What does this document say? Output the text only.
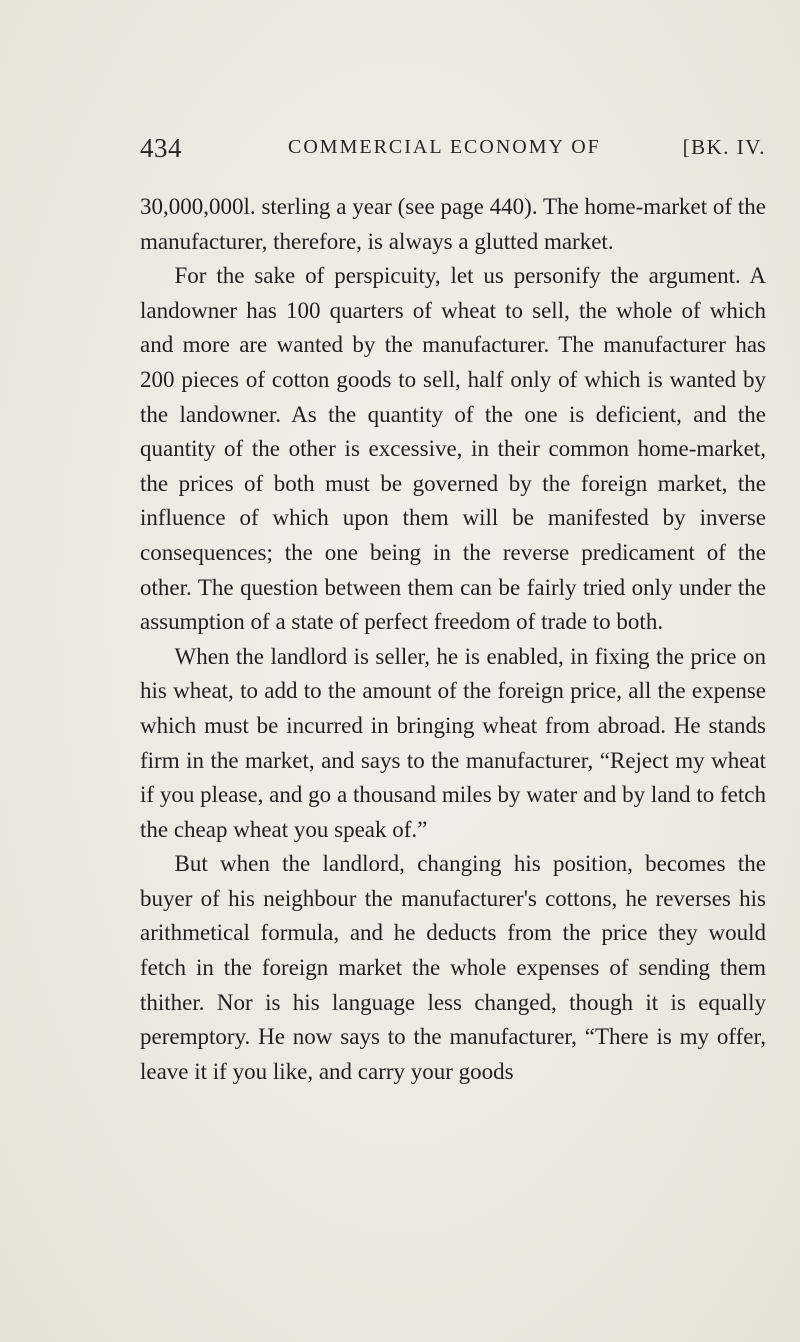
434	COMMERCIAL ECONOMY OF	[BK. IV.

30,000,000l. sterling a year (see page 440). The home-market of the manufacturer, therefore, is always a glutted market.

For the sake of perspicuity, let us personify the argument. A landowner has 100 quarters of wheat to sell, the whole of which and more are wanted by the manufacturer. The manufacturer has 200 pieces of cotton goods to sell, half only of which is wanted by the landowner. As the quantity of the one is deficient, and the quantity of the other is excessive, in their common home-market, the prices of both must be governed by the foreign market, the influence of which upon them will be manifested by inverse consequences; the one being in the reverse predicament of the other. The question between them can be fairly tried only under the assumption of a state of perfect freedom of trade to both.

When the landlord is seller, he is enabled, in fixing the price on his wheat, to add to the amount of the foreign price, all the expense which must be incurred in bringing wheat from abroad. He stands firm in the market, and says to the manufacturer, “Reject my wheat if you please, and go a thousand miles by water and by land to fetch the cheap wheat you speak of.”

But when the landlord, changing his position, becomes the buyer of his neighbour the manufacturer's cottons, he reverses his arithmetical formula, and he deducts from the price they would fetch in the foreign market the whole expenses of sending them thither. Nor is his language less changed, though it is equally peremptory. He now says to the manufacturer, “There is my offer, leave it if you like, and carry your goods
